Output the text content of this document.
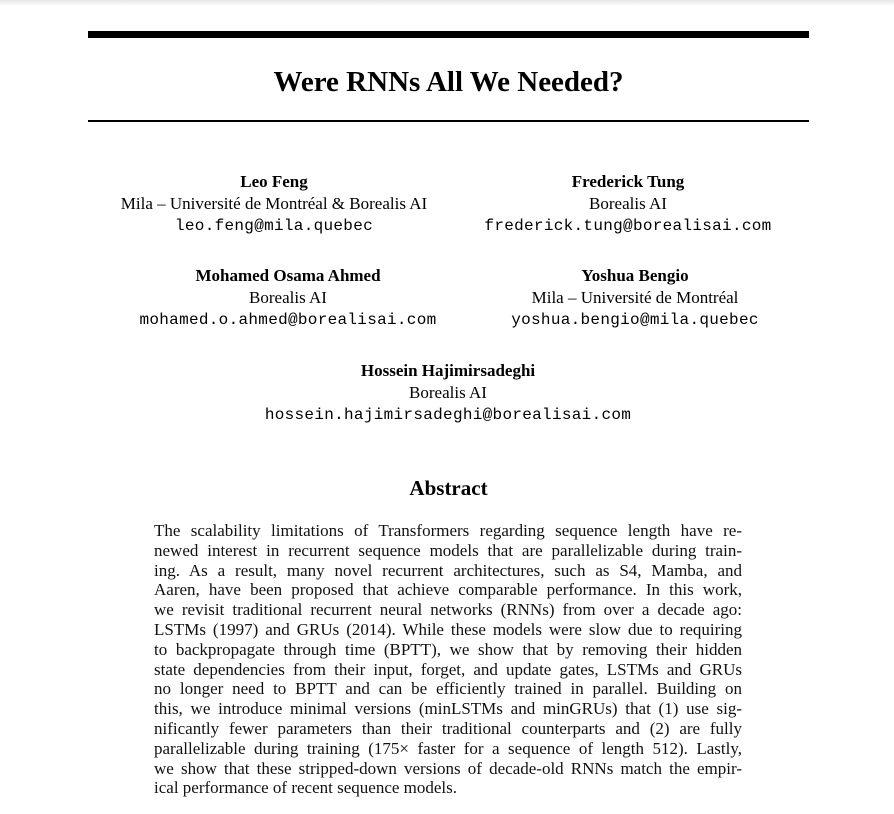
Were RNNs All We Needed?
Leo Feng
Mila – Université de Montréal & Borealis AI
leo.feng@mila.quebec
Frederick Tung
Borealis AI
frederick.tung@borealisai.com
Mohamed Osama Ahmed
Borealis AI
mohamed.o.ahmed@borealisai.com
Yoshua Bengio
Mila – Université de Montréal
yoshua.bengio@mila.quebec
Hossein Hajimirsadeghi
Borealis AI
hossein.hajimirsadeghi@borealisai.com
Abstract
The scalability limitations of Transformers regarding sequence length have re-
newed interest in recurrent sequence models that are parallelizable during train-
ing. As a result, many novel recurrent architectures, such as S4, Mamba, and
Aaren, have been proposed that achieve comparable performance. In this work,
we revisit traditional recurrent neural networks (RNNs) from over a decade ago:
LSTMs (1997) and GRUs (2014). While these models were slow due to requiring
to backpropagate through time (BPTT), we show that by removing their hidden
state dependencies from their input, forget, and update gates, LSTMs and GRUs
no longer need to BPTT and can be efficiently trained in parallel. Building on
this, we introduce minimal versions (minLSTMs and minGRUs) that (1) use sig-
nificantly fewer parameters than their traditional counterparts and (2) are fully
parallelizable during training (175× faster for a sequence of length 512). Lastly,
we show that these stripped-down versions of decade-old RNNs match the empir-
ical performance of recent sequence models.
